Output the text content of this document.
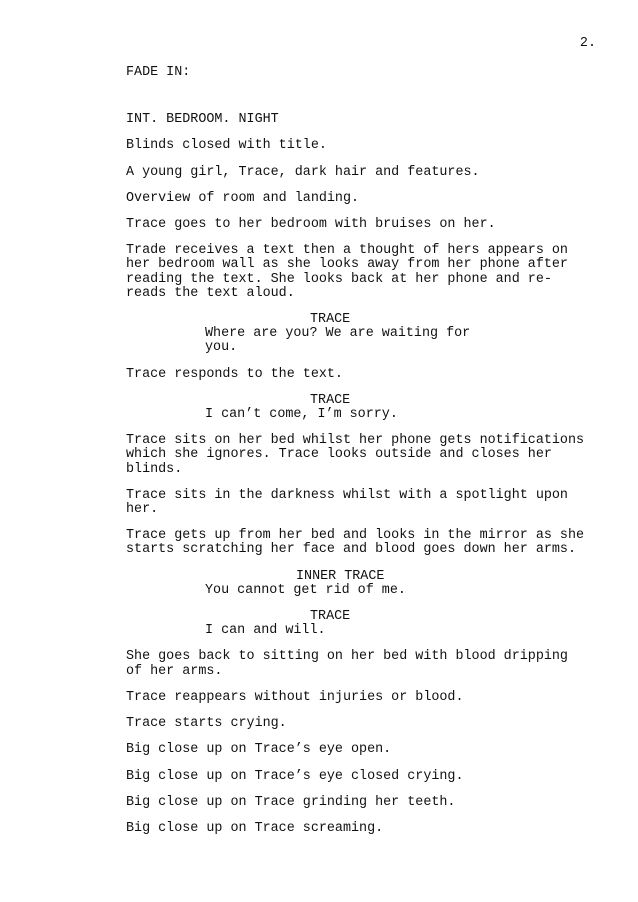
2.

FADE IN:

INT. BEDROOM. NIGHT

Blinds closed with title.

A young girl, Trace, dark hair and features.

Overview of room and landing.

Trace goes to her bedroom with bruises on her.

Trade receives a text then a thought of hers appears on
her bedroom wall as she looks away from her phone after
reading the text. She looks back at her phone and re-
reads the text aloud.

TRACE
Where are you? We are waiting for
you.

Trace responds to the text.

TRACE
I can’t come, I’m sorry.

Trace sits on her bed whilst her phone gets notifications
which she ignores. Trace looks outside and closes her
blinds.

Trace sits in the darkness whilst with a spotlight upon
her.

Trace gets up from her bed and looks in the mirror as she
starts scratching her face and blood goes down her arms.

INNER TRACE
You cannot get rid of me.
TRACE
I can and will.

She goes back to sitting on her bed with blood dripping
of her arms.

Trace reappears without injuries or blood.

Trace starts crying.

Big close up on Trace’s eye open.

Big close up on Trace’s eye closed crying.

Big close up on Trace grinding her teeth.

Big close up on Trace screaming.
